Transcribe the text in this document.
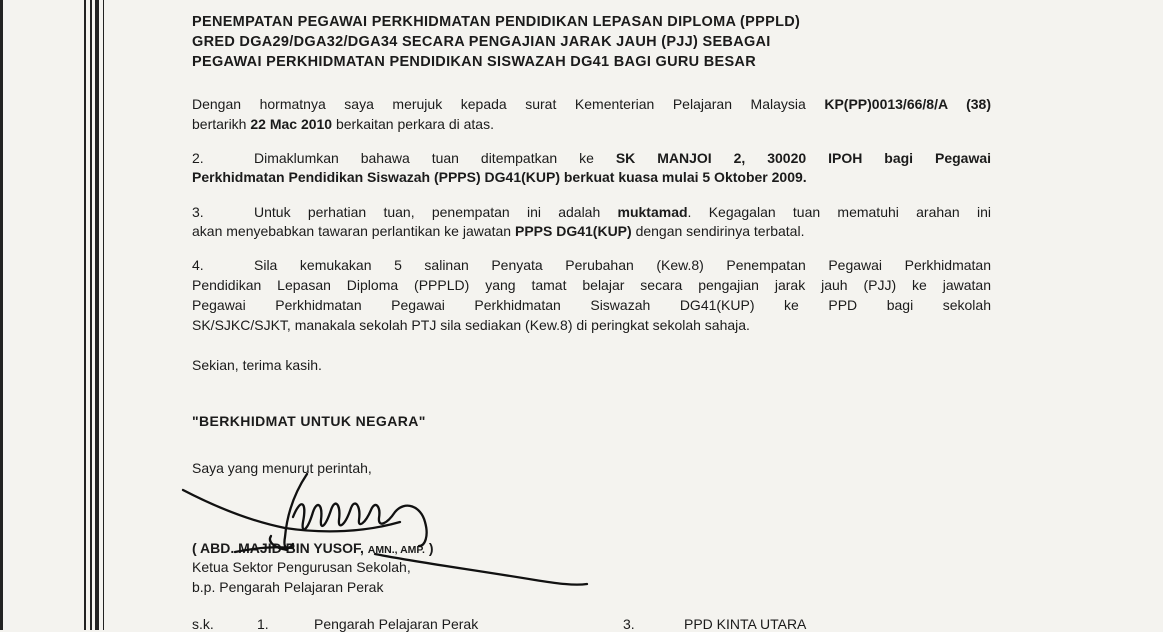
PENEMPATAN PEGAWAI PERKHIDMATAN PENDIDIKAN LEPASAN DIPLOMA (PPPLD)
GRED DGA29/DGA32/DGA34 SECARA PENGAJIAN JARAK JAUH (PJJ) SEBAGAI
PEGAWAI PERKHIDMATAN PENDIDIKAN SISWAZAH DG41 BAGI GURU BESAR
Dengan hormatnya saya merujuk kepada surat Kementerian Pelajaran Malaysia KP(PP)0013/66/8/A (38)
bertarikh 22 Mac 2010 berkaitan perkara di atas.
2.	Dimaklumkan bahawa tuan ditempatkan ke SK MANJOI 2, 30020 IPOH bagi Pegawai
Perkhidmatan Pendidikan Siswazah (PPPS) DG41(KUP) berkuat kuasa mulai 5 Oktober 2009.
3.	Untuk perhatian tuan, penempatan ini adalah muktamad. Kegagalan tuan mematuhi arahan ini
akan menyebabkan tawaran perlantikan ke jawatan PPPS DG41(KUP) dengan sendirinya terbatal.
4.	Sila kemukakan 5 salinan Penyata Perubahan (Kew.8) Penempatan Pegawai Perkhidmatan
Pendidikan Lepasan Diploma (PPPLD) yang tamat belajar secara pengajian jarak jauh (PJJ) ke jawatan
Pegawai Perkhidmatan Pegawai Perkhidmatan Siswazah DG41(KUP) ke PPD bagi sekolah
SK/SJKC/SJKT, manakala sekolah PTJ sila sediakan (Kew.8) di peringkat sekolah sahaja.
Sekian, terima kasih.
"BERKHIDMAT UNTUK NEGARA"
Saya yang menurut perintah,
( ABD. MAJID BIN YUSOF, AMN., AMP. )
Ketua Sektor Pengurusan Sekolah,
b.p. Pengarah Pelajaran Perak
s.k.	1.	Pengarah Pelajaran Perak	3.	PPD KINTA UTARA
